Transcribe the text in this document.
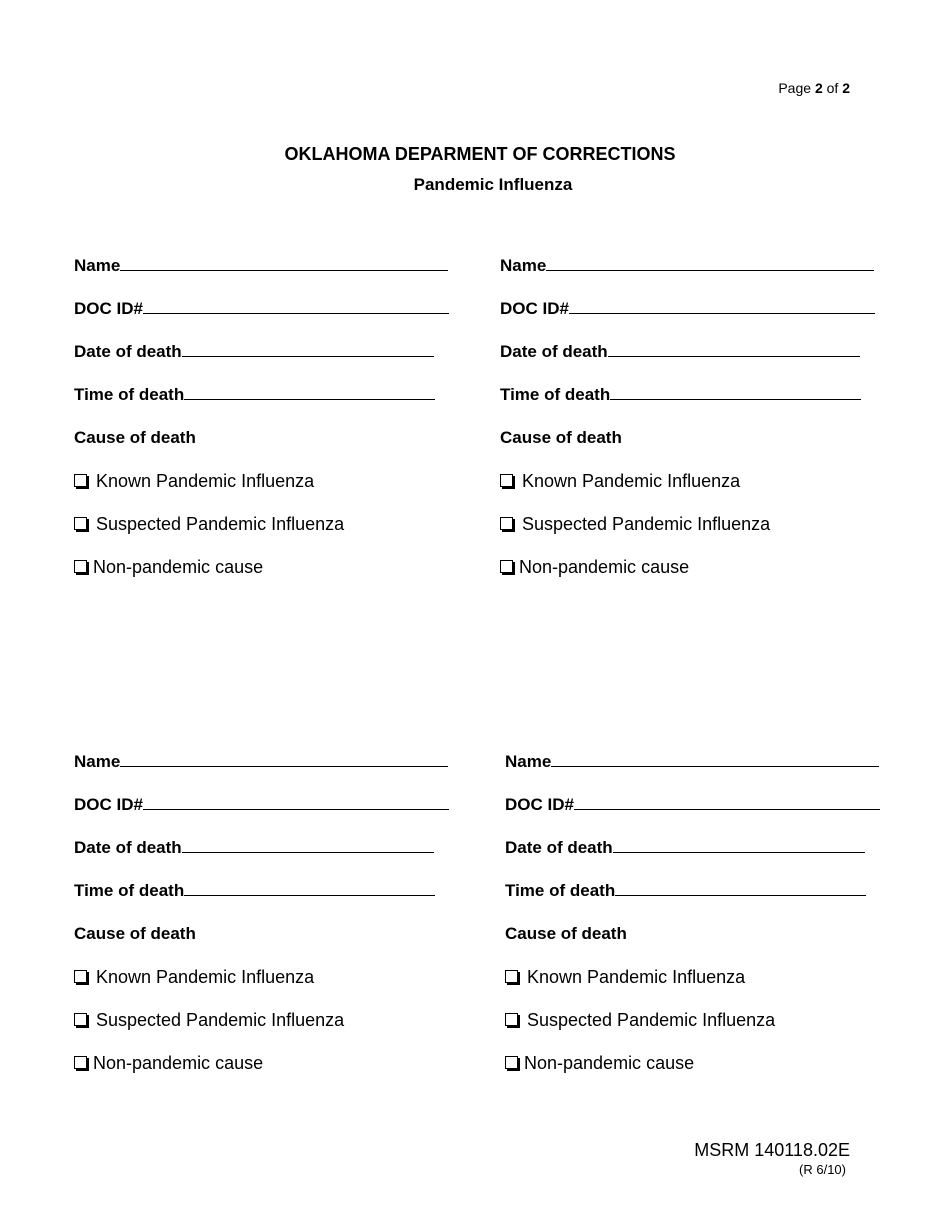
Page 2 of 2
OKLAHOMA DEPARMENT OF CORRECTIONS
Pandemic Influenza
Name
DOC ID#
Date of death
Time of death
Cause of death
Known Pandemic Influenza
Suspected Pandemic Influenza
Non-pandemic cause
Name
DOC ID#
Date of death
Time of death
Cause of death
Known Pandemic Influenza
Suspected Pandemic Influenza
Non-pandemic cause
Name
DOC ID#
Date of death
Time of death
Cause of death
Known Pandemic Influenza
Suspected Pandemic Influenza
Non-pandemic cause
Name
DOC ID#
Date of death
Time of death
Cause of death
Known Pandemic Influenza
Suspected Pandemic Influenza
Non-pandemic cause
MSRM 140118.02E
(R 6/10)
